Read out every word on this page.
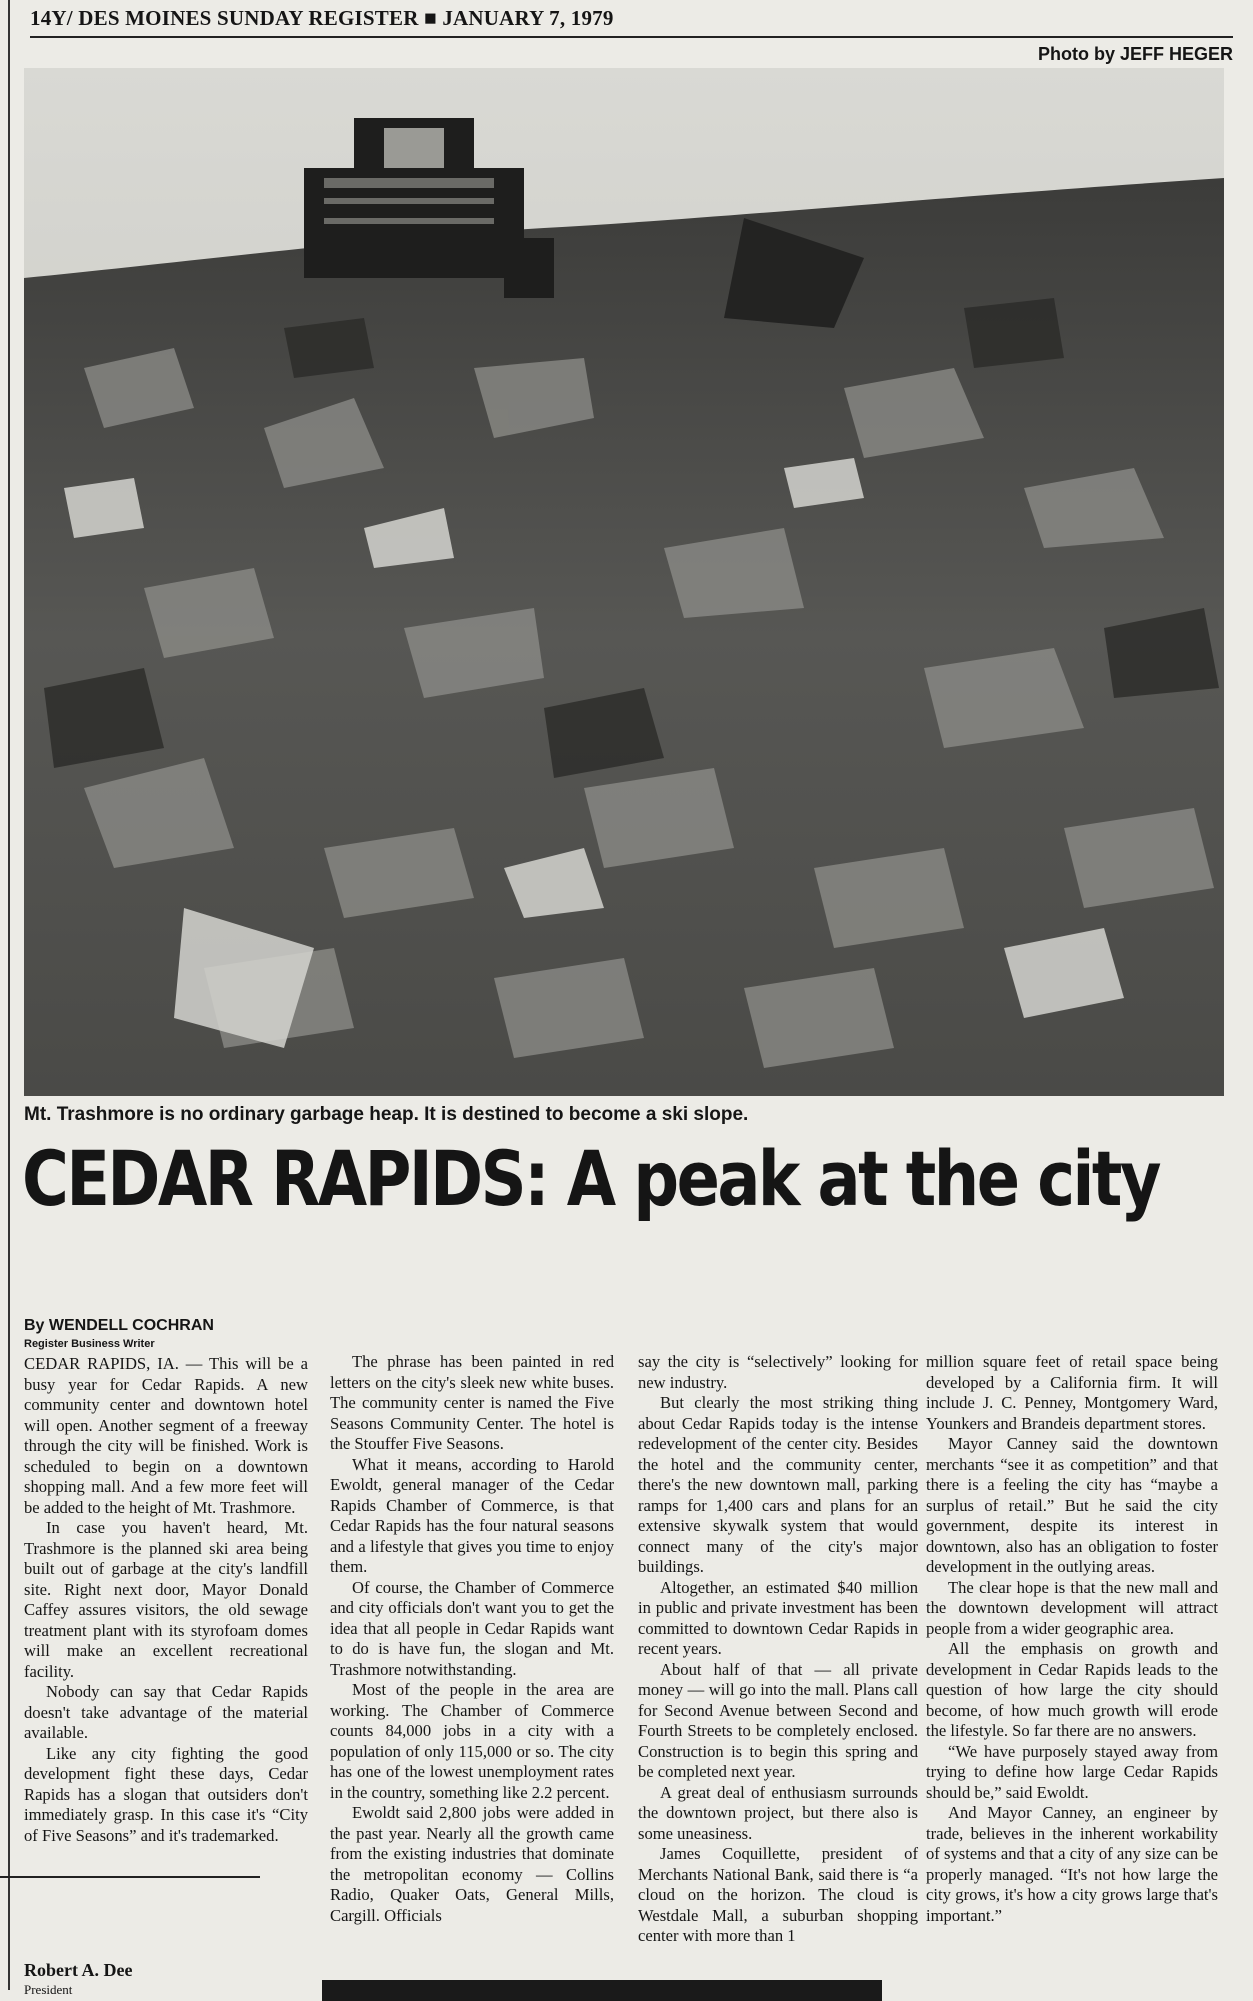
14Y/ DES MOINES SUNDAY REGISTER ■ JANUARY 7, 1979
Photo by JEFF HEGER
Mt. Trashmore is no ordinary garbage heap. It is destined to become a ski slope.
CEDAR RAPIDS: A peak at the city
By WENDELL COCHRAN
Register Business Writer

CEDAR RAPIDS, IA. — This will be a busy year for Cedar Rapids. A new community center and downtown hotel will open. Another segment of a freeway through the city will be finished. Work is scheduled to begin on a downtown shopping mall. And a few more feet will be added to the height of Mt. Trashmore.

In case you haven't heard, Mt. Trashmore is the planned ski area being built out of garbage at the city's landfill site. Right next door, Mayor Donald Caffey assures visitors, the old sewage treatment plant with its styrofoam domes will make an excellent recreational facility.

Nobody can say that Cedar Rapids doesn't take advantage of the material available.

Like any city fighting the good development fight these days, Cedar Rapids has a slogan that outsiders don't immediately grasp. In this case it's “City of Five Seasons” and it's trademarked.

The phrase has been painted in red letters on the city's sleek new white buses. The community center is named the Five Seasons Community Center. The hotel is the Stouffer Five Seasons.

What it means, according to Harold Ewoldt, general manager of the Cedar Rapids Chamber of Commerce, is that Cedar Rapids has the four natural seasons and a lifestyle that gives you time to enjoy them.

Of course, the Chamber of Commerce and city officials don't want you to get the idea that all people in Cedar Rapids want to do is have fun, the slogan and Mt. Trashmore notwithstanding.

Most of the people in the area are working. The Chamber of Commerce counts 84,000 jobs in a city with a population of only 115,000 or so. The city has one of the lowest unemployment rates in the country, something like 2.2 percent.

Ewoldt said 2,800 jobs were added in the past year. Nearly all the growth came from the existing industries that dominate the metropolitan economy — Collins Radio, Quaker Oats, General Mills, Cargill. Officials

say the city is “selectively” looking for new industry.

But clearly the most striking thing about Cedar Rapids today is the intense redevelopment of the center city. Besides the hotel and the community center, there's the new downtown mall, parking ramps for 1,400 cars and plans for an extensive skywalk system that would connect many of the city's major buildings.

Altogether, an estimated $40 million in public and private investment has been committed to downtown Cedar Rapids in recent years.

About half of that — all private money — will go into the mall. Plans call for Second Avenue between Second and Fourth Streets to be completely enclosed. Construction is to begin this spring and be completed next year.

A great deal of enthusiasm surrounds the downtown project, but there also is some uneasiness.

James Coquillette, president of Merchants National Bank, said there is “a cloud on the horizon. The cloud is Westdale Mall, a suburban shopping center with more than 1

million square feet of retail space being developed by a California firm. It will include J. C. Penney, Montgomery Ward, Younkers and Brandeis department stores.

Mayor Canney said the downtown merchants “see it as competition” and that there is a feeling the city has “maybe a surplus of retail.” But he said the city government, despite its interest in downtown, also has an obligation to foster development in the outlying areas.

The clear hope is that the new mall and the downtown development will attract people from a wider geographic area.

All the emphasis on growth and development in Cedar Rapids leads to the question of how large the city should become, of how much growth will erode the lifestyle. So far there are no answers.

“We have purposely stayed away from trying to define how large Cedar Rapids should be,” said Ewoldt.

And Mayor Canney, an engineer by trade, believes in the inherent workability of systems and that a city of any size can be properly managed. “It's not how large the city grows, it's how a city grows large that's important.”

Robert A. Dee
President
